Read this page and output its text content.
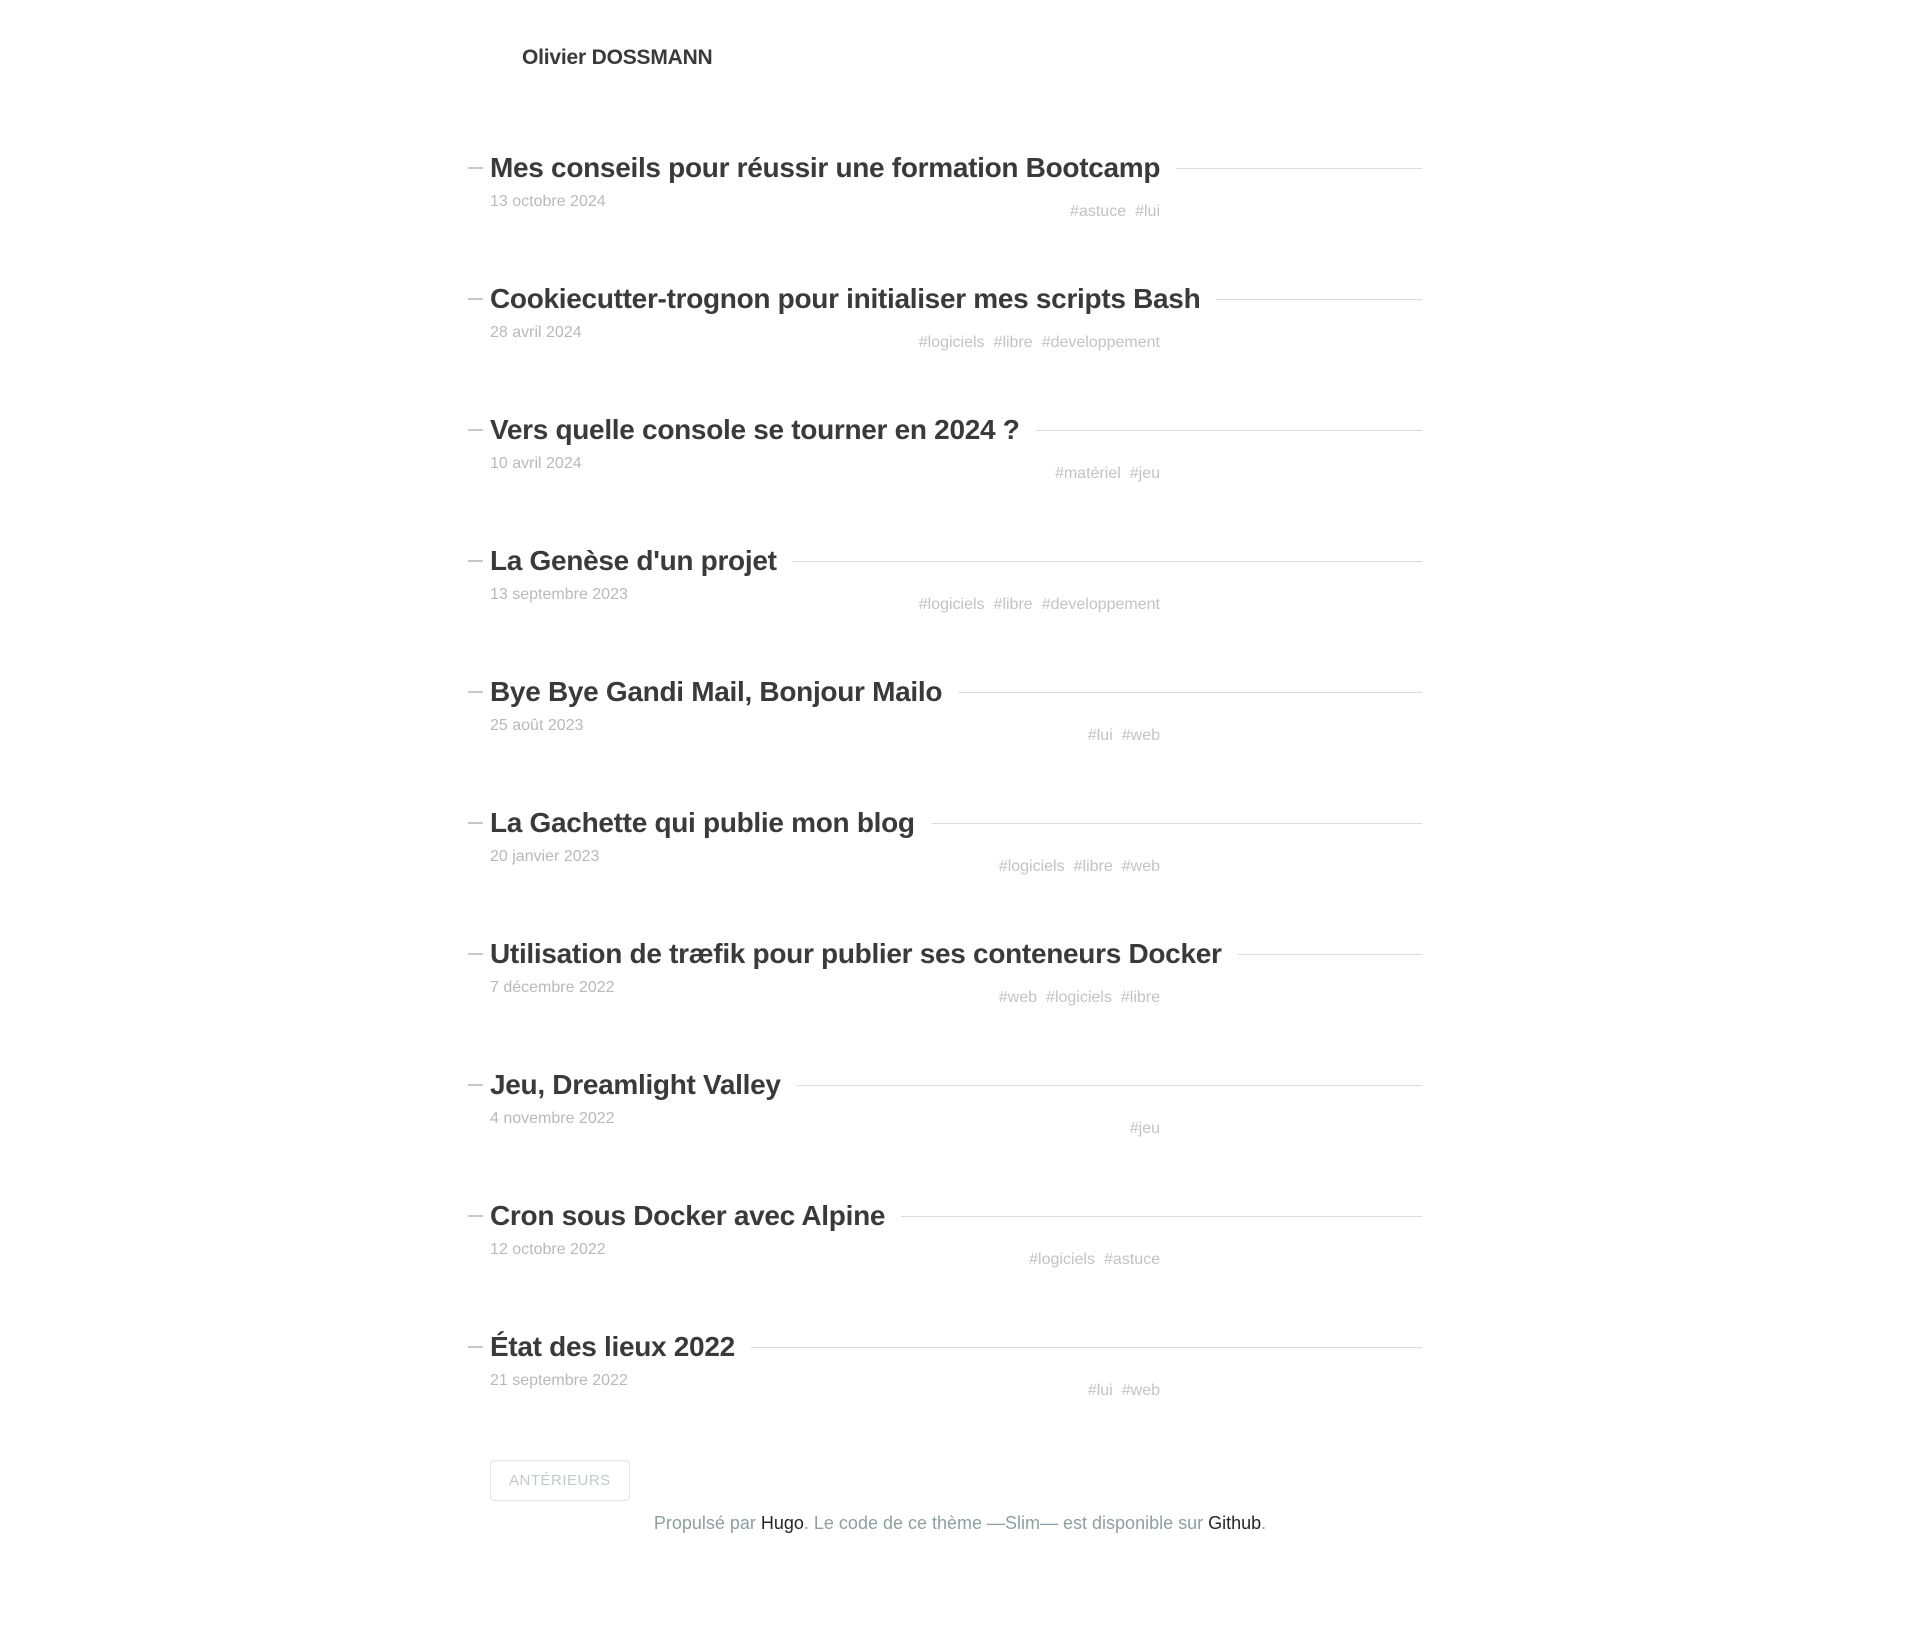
Olivier DOSSMANN
Mes conseils pour réussir une formation Bootcamp
13 octobre 2024
#astuce #lui
Cookiecutter-trognon pour initialiser mes scripts Bash
28 avril 2024
#logiciels #libre #developpement
Vers quelle console se tourner en 2024 ?
10 avril 2024
#matériel #jeu
La Genèse d'un projet
13 septembre 2023
#logiciels #libre #developpement
Bye Bye Gandi Mail, Bonjour Mailo
25 août 2023
#lui #web
La Gachette qui publie mon blog
20 janvier 2023
#logiciels #libre #web
Utilisation de træfik pour publier ses conteneurs Docker
7 décembre 2022
#web #logiciels #libre
Jeu, Dreamlight Valley
4 novembre 2022
#jeu
Cron sous Docker avec Alpine
12 octobre 2022
#logiciels #astuce
État des lieux 2022
21 septembre 2022
#lui #web
ANTÉRIEURS
Propulsé par Hugo. Le code de ce thème —Slim— est disponible sur Github.
